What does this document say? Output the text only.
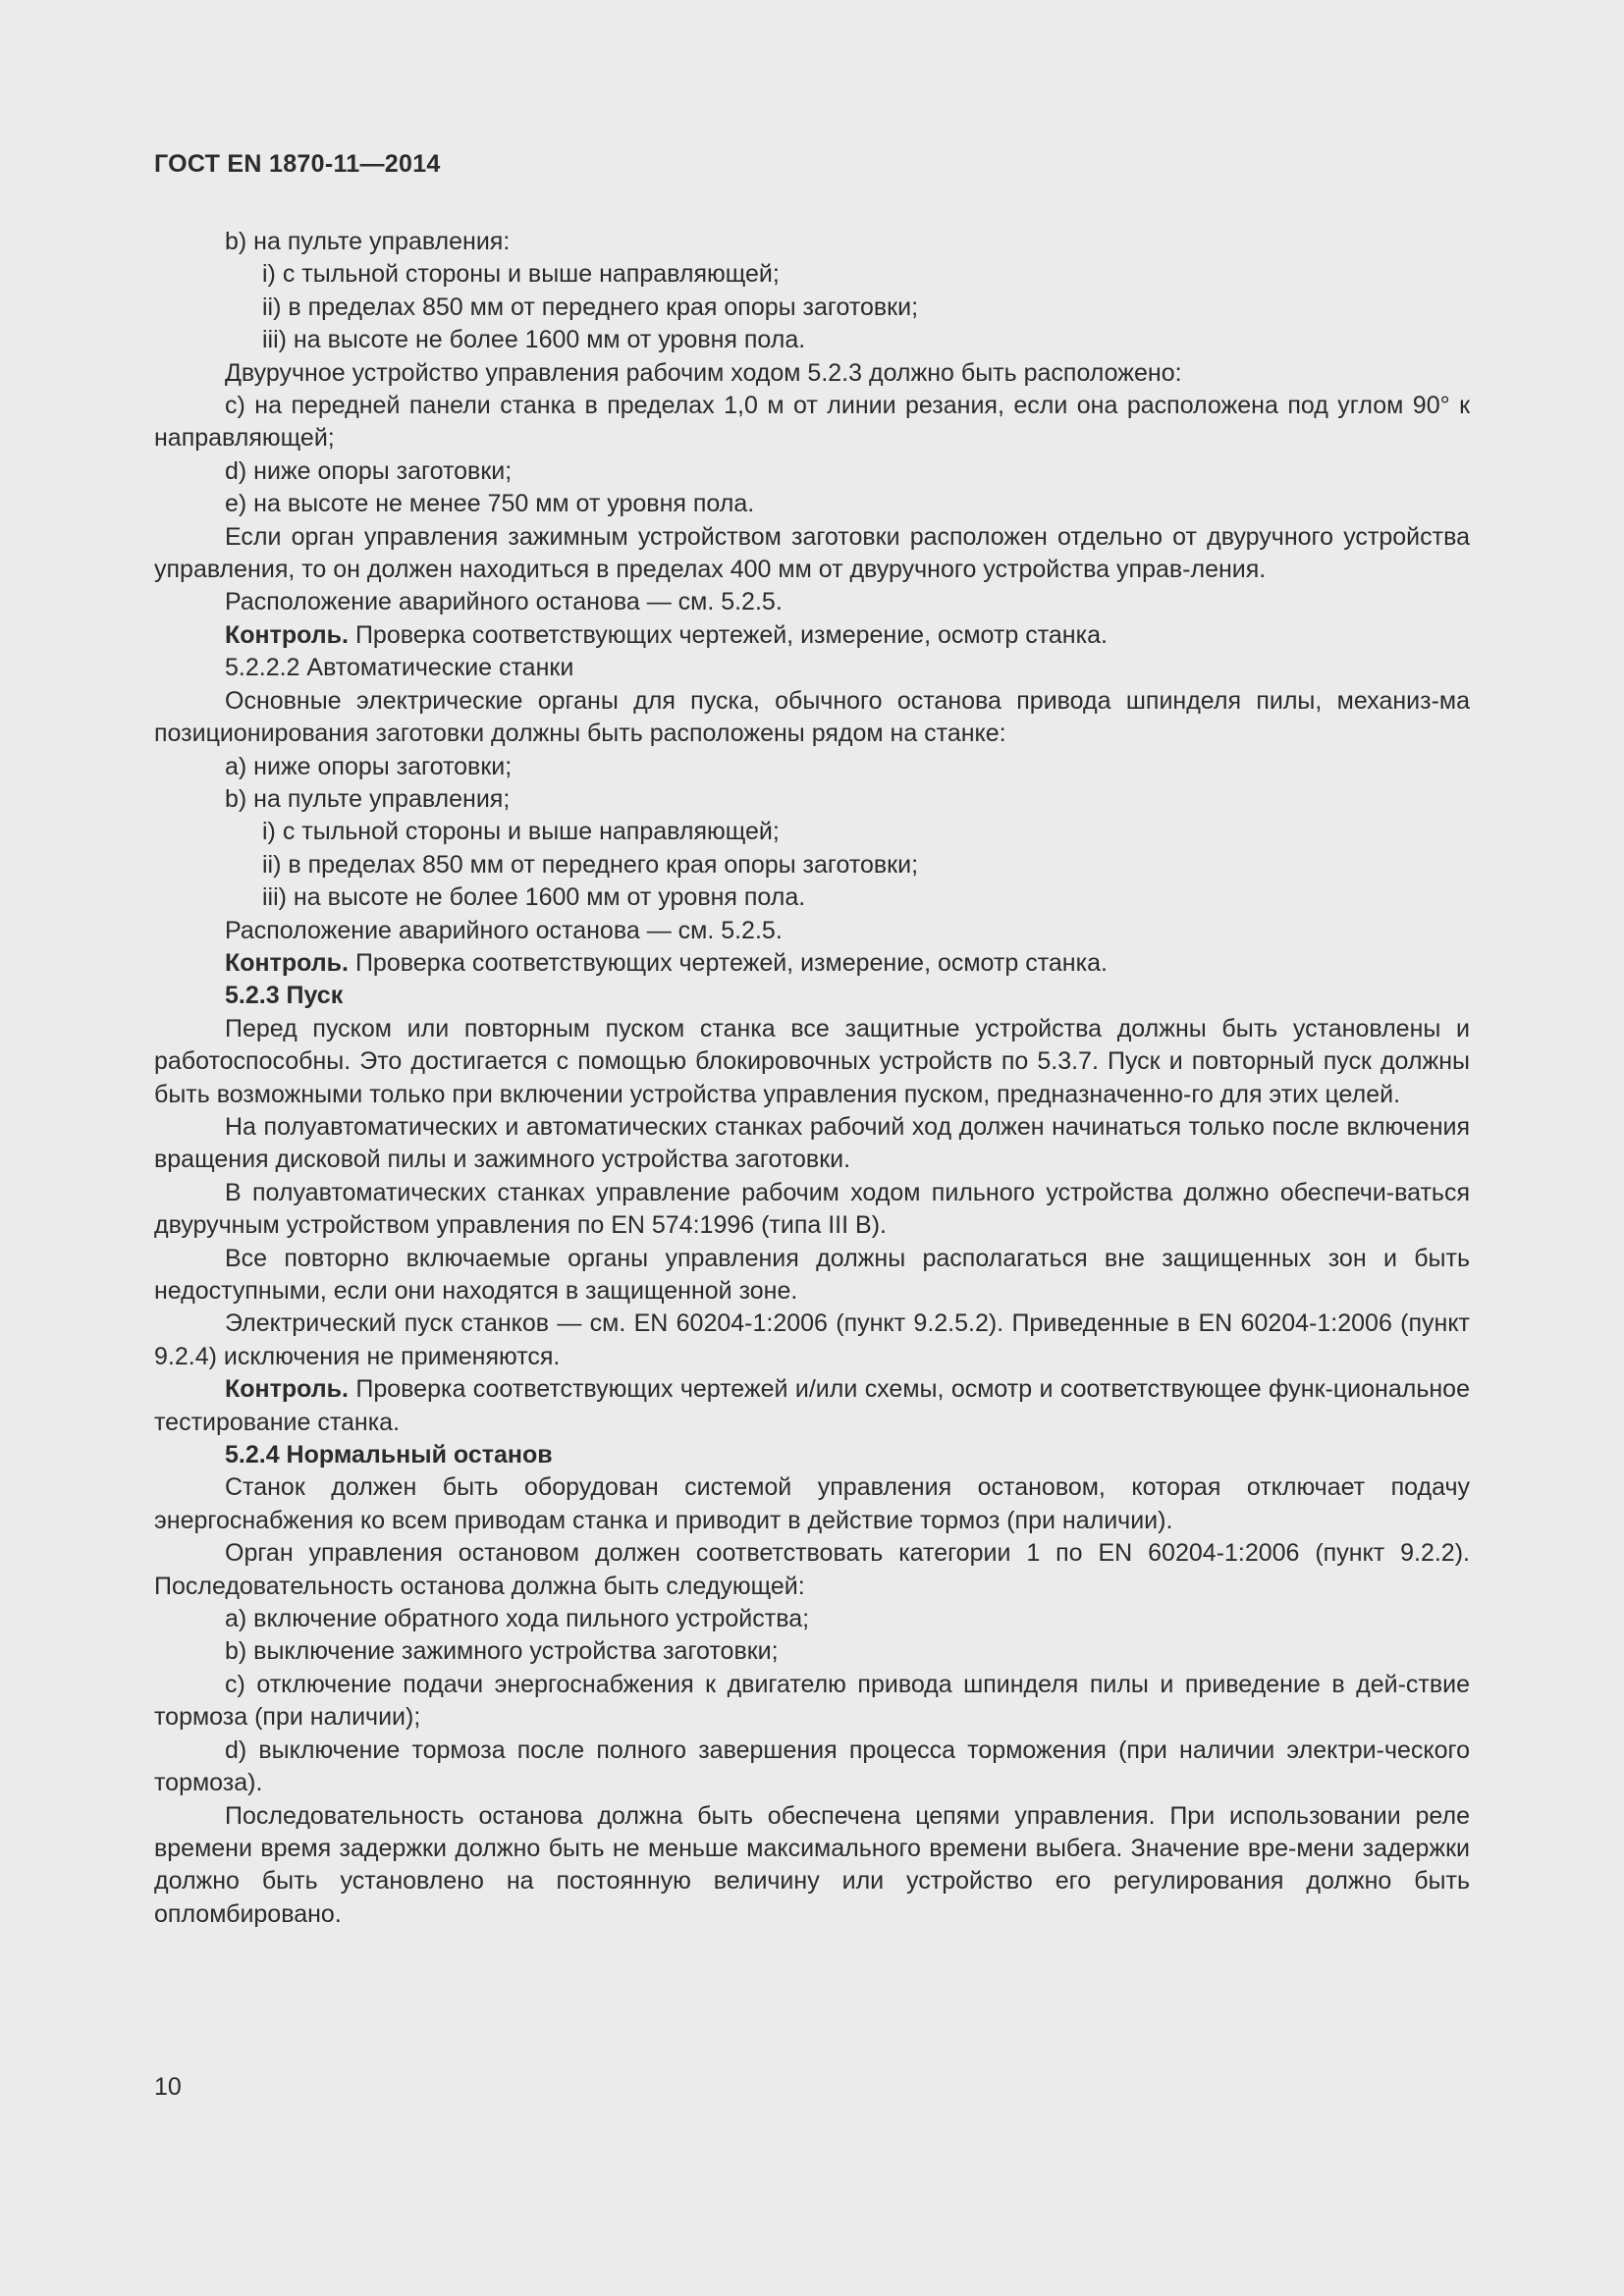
ГОСТ EN 1870-11—2014

b) на пульте управления:

i) с тыльной стороны и выше направляющей;

ii) в пределах 850 мм от переднего края опоры заготовки;

iii) на высоте не более 1600 мм от уровня пола.

Двуручное устройство управления рабочим ходом 5.2.3 должно быть расположено:

c) на передней панели станка в пределах 1,0 м от линии резания, если она расположена под углом 90° к направляющей;

d) ниже опоры заготовки;

e) на высоте не менее 750 мм от уровня пола.

Если орган управления зажимным устройством заготовки расположен отдельно от двуручного устройства управления, то он должен находиться в пределах 400 мм от двуручного устройства управ-ления.

Расположение аварийного останова — см. 5.2.5.

Контроль. Проверка соответствующих чертежей, измерение, осмотр станка.

5.2.2.2 Автоматические станки

Основные электрические органы для пуска, обычного останова привода шпинделя пилы, механиз-ма позиционирования заготовки должны быть расположены рядом на станке:

a) ниже опоры заготовки;

b) на пульте управления;

i) с тыльной стороны и выше направляющей;

ii) в пределах 850 мм от переднего края опоры заготовки;

iii) на высоте не более 1600 мм от уровня пола.

Расположение аварийного останова — см. 5.2.5.

Контроль. Проверка соответствующих чертежей, измерение, осмотр станка.

5.2.3 Пуск

Перед пуском или повторным пуском станка все защитные устройства должны быть установлены и работоспособны. Это достигается с помощью блокировочных устройств по 5.3.7. Пуск и повторный пуск должны быть возможными только при включении устройства управления пуском, предназначенно-го для этих целей.

На полуавтоматических и автоматических станках рабочий ход должен начинаться только после включения вращения дисковой пилы и зажимного устройства заготовки.

В полуавтоматических станках управление рабочим ходом пильного устройства должно обеспечи-ваться двуручным устройством управления по EN 574:1996 (типа III B).

Все повторно включаемые органы управления должны располагаться вне защищенных зон и быть недоступными, если они находятся в защищенной зоне.

Электрический пуск станков — см. EN 60204-1:2006 (пункт 9.2.5.2). Приведенные в EN 60204-1:2006 (пункт 9.2.4) исключения не применяются.

Контроль. Проверка соответствующих чертежей и/или схемы, осмотр и соответствующее функ-циональное тестирование станка.

5.2.4 Нормальный останов

Станок должен быть оборудован системой управления остановом, которая отключает подачу энергоснабжения ко всем приводам станка и приводит в действие тормоз (при наличии).

Орган управления остановом должен соответствовать категории 1 по EN 60204-1:2006 (пункт 9.2.2). Последовательность останова должна быть следующей:

a) включение обратного хода пильного устройства;

b) выключение зажимного устройства заготовки;

c) отключение подачи энергоснабжения к двигателю привода шпинделя пилы и приведение в дей-ствие тормоза (при наличии);

d) выключение тормоза после полного завершения процесса торможения (при наличии электри-ческого тормоза).

Последовательность останова должна быть обеспечена цепями управления. При использовании реле времени время задержки должно быть не меньше максимального времени выбега. Значение вре-мени задержки должно быть установлено на постоянную величину или устройство его регулирования должно быть опломбировано.

10
